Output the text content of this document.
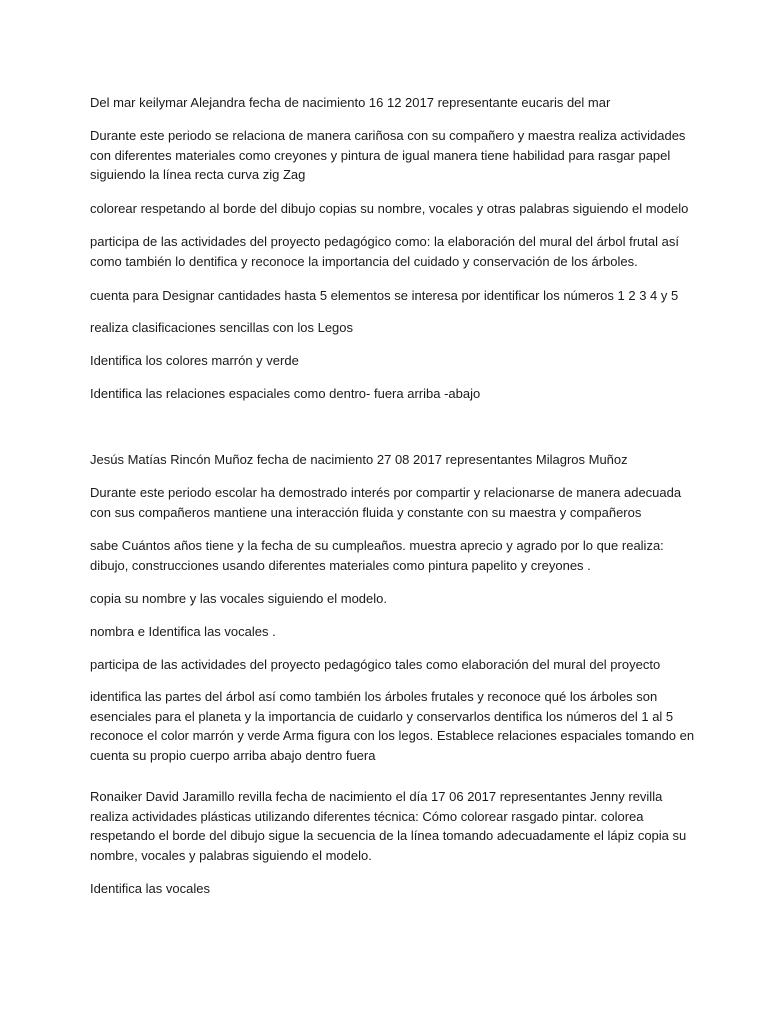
Del mar keilymar Alejandra fecha de nacimiento 16 12 2017 representante eucaris del mar

Durante este periodo se relaciona de manera cariñosa con su compañero y maestra realiza actividades
con diferentes materiales como creyones y pintura de igual manera tiene habilidad para rasgar papel
siguiendo la línea recta curva zig Zag

colorear respetando al borde del dibujo copias su nombre, vocales y otras palabras siguiendo el modelo

participa de las actividades del proyecto pedagógico como: la elaboración del mural del árbol frutal así
como también lo dentifica y reconoce la importancia del cuidado y conservación de los árboles.

cuenta para Designar cantidades hasta 5 elementos se interesa por identificar los números 1 2 3 4 y 5

realiza clasificaciones sencillas con los Legos

Identifica los colores marrón y verde

Identifica las relaciones espaciales como dentro- fuera arriba -abajo

Jesús Matías Rincón Muñoz fecha de nacimiento 27 08 2017 representantes Milagros Muñoz

Durante este periodo escolar ha demostrado interés por compartir y relacionarse de manera adecuada
con sus compañeros mantiene una interacción fluida y constante con su maestra y compañeros

sabe Cuántos años tiene y la fecha de su cumpleaños. muestra aprecio y agrado por lo que realiza:
dibujo, construcciones usando diferentes materiales como pintura papelito y creyones .

copia su nombre y las vocales siguiendo el modelo.

nombra e Identifica las vocales .

participa de las actividades del proyecto pedagógico tales como elaboración del mural del proyecto

identifica las partes del árbol así como también los árboles frutales y reconoce qué los árboles son
esenciales para el planeta y la importancia de cuidarlo y conservarlos dentifica los números del 1 al 5
reconoce el color marrón y verde Arma figura con los legos. Establece relaciones espaciales tomando en
cuenta su propio cuerpo arriba abajo dentro fuera

Ronaiker David Jaramillo revilla fecha de nacimiento el día 17 06 2017 representantes Jenny revilla
realiza actividades plásticas utilizando diferentes técnica: Cómo colorear rasgado pintar. colorea
respetando el borde del dibujo sigue la secuencia de la línea tomando adecuadamente el lápiz copia su
nombre, vocales y palabras siguiendo el modelo.

Identifica las vocales
